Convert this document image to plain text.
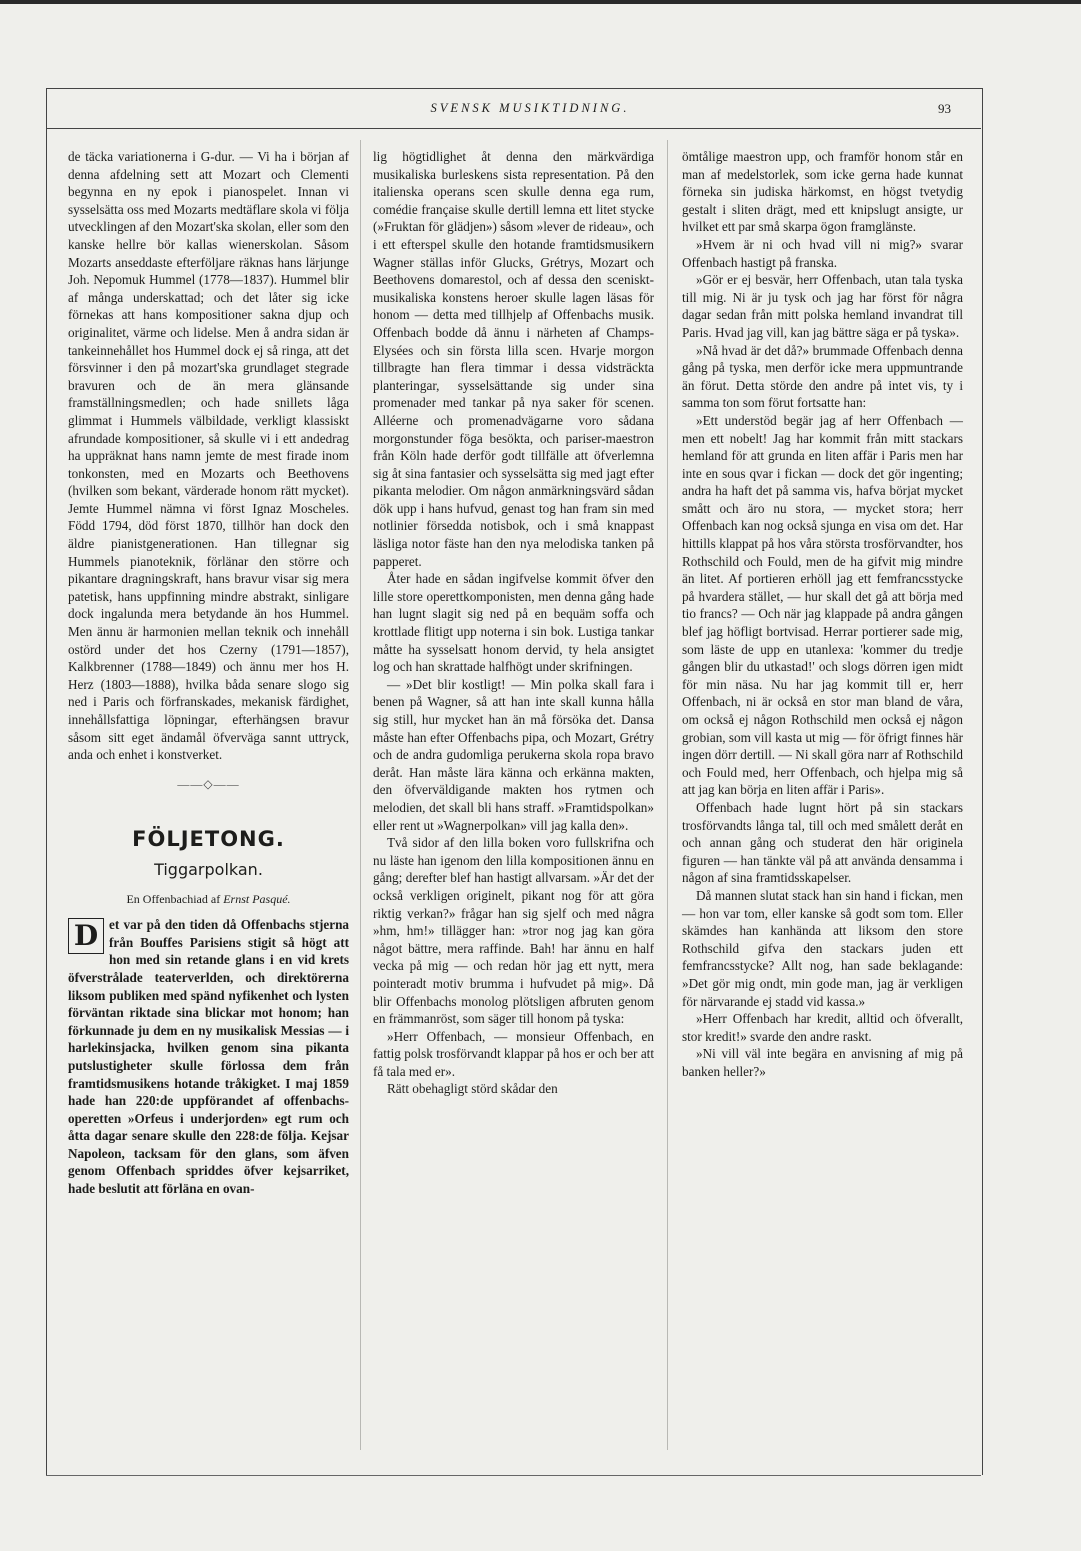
SVENSK MUSIKTIDNING.	93

de täcka variationerna i G-dur. — Vi ha i början af denna afdelning sett att Mozart och Clementi begynna en ny epok i pianospelet. Innan vi sysselsätta oss med Mozarts medtäflare skola vi följa utvecklingen af den Mozart'ska skolan, eller som den kanske hellre bör kallas wienerskolan. Såsom Mozarts anseddaste efterföljare räknas hans lärjunge Joh. Nepomuk Hummel (1778—1837). Hummel blir af många underskattad; och det låter sig icke förnekas att hans kompositioner sakna djup och originalitet, värme och lidelse. Men å andra sidan är tankeinnehållet hos Hummel dock ej så ringa, att det försvinner i den på mozart'ska grundlaget stegrade bravuren och de än mera glänsande framställningsmedlen; och hade snillets låga glimmat i Hummels välbildade, verkligt klassiskt afrundade kompositioner, så skulle vi i ett andedrag ha uppräknat hans namn jemte de mest firade inom tonkonsten, med en Mozarts och Beethovens (hvilken som bekant, värderade honom rätt mycket). Jemte Hummel nämna vi först Ignaz Moscheles. Född 1794, död först 1870, tillhör han dock den äldre pianistgenerationen. Han tillegnar sig Hummels pianoteknik, förlänar den större och pikantare dragningskraft, hans bravur visar sig mera patetisk, hans uppfinning mindre abstrakt, sinligare dock ingalunda mera betydande än hos Hummel. Men ännu är harmonien mellan teknik och innehåll ostörd under det hos Czerny (1791—1857), Kalkbrenner (1788—1849) och ännu mer hos H. Herz (1803—1888), hvilka båda senare slogo sig ned i Paris och förfranskades, mekanisk färdighet, innehållsfattiga löpningar, efterhängsen bravur såsom sitt eget ändamål öfverväga sannt uttryck, anda och enhet i konstverket.

——◇——
FÖLJETONG.
Tiggarpolkan.
En Offenbachiad af Ernst Pasqué.

D et var på den tiden då Offenbachs stjerna från Bouffes Parisiens stigit så högt att hon med sin retande glans i en vid krets öfverstrålade teaterverlden, och direktörerna liksom publiken med spänd nyfikenhet och lysten förväntan riktade sina blickar mot honom; han förkunnade ju dem en ny musikalisk Messias — i harlekinsjacka, hvilken genom sina pikanta putslustigheter skulle förlossa dem från framtidsmusikens hotande tråkigket. I maj 1859 hade han 220:de uppförandet af offenbachs-operetten »Orfeus i underjorden» egt rum och åtta dagar senare skulle den 228:de följa. Kejsar Napoleon, tacksam för den glans, som äfven genom Offenbach spriddes öfver kejsarriket, hade beslutit att förläna en ovan-

lig högtidlighet åt denna den märkvärdiga musikaliska burleskens sista representation. På den italienska operans scen skulle denna ega rum, comédie française skulle dertill lemna ett litet stycke (»Fruktan för glädjen») såsom »lever de rideau», och i ett efterspel skulle den hotande framtidsmusikern Wagner ställas inför Glucks, Grétrys, Mozart och Beethovens domarestol, och af dessa den sceniskt-musikaliska konstens heroer skulle lagen läsas för honom — detta med tillhjelp af Offenbachs musik. Offenbach bodde då ännu i närheten af Champs-Elysées och sin första lilla scen. Hvarje morgon tillbragte han flera timmar i dessa vidsträckta planteringar, sysselsättande sig under sina promenader med tankar på nya saker för scenen. Alléerne och promenadvägarne voro sådana morgonstunder föga besökta, och pariser-maestron från Köln hade derför godt tillfälle att öfverlemna sig åt sina fantasier och sysselsätta sig med jagt efter pikanta melodier. Om någon anmärkningsvärd sådan dök upp i hans hufvud, genast tog han fram sin med notlinier försedda notisbok, och i små knappast läsliga notor fäste han den nya melodiska tanken på papperet.

Åter hade en sådan ingifvelse kommit öfver den lille store operettkomponisten, men denna gång hade han lugnt slagit sig ned på en bequäm soffa och krottlade flitigt upp noterna i sin bok. Lustiga tankar måtte ha sysselsatt honom dervid, ty hela ansigtet log och han skrattade halfhögt under skrifningen.

— »Det blir kostligt! — Min polka skall fara i benen på Wagner, så att han inte skall kunna hålla sig still, hur mycket han än må försöka det. Dansa måste han efter Offenbachs pipa, och Mozart, Grétry och de andra gudomliga perukerna skola ropa bravo deråt. Han måste lära känna och erkänna makten, den öfverväldigande makten hos rytmen och melodien, det skall bli hans straff. »Framtidspolkan» eller rent ut »Wagnerpolkan» vill jag kalla den».

Två sidor af den lilla boken voro fullskrifna och nu läste han igenom den lilla kompositionen ännu en gång; derefter blef han hastigt allvarsam. »Är det der också verkligen originelt, pikant nog för att göra riktig verkan?» frågar han sig sjelf och med några »hm, hm!» tillägger han: »tror nog jag kan göra något bättre, mera raffinde. Bah! har ännu en half vecka på mig — och redan hör jag ett nytt, mera pointeradt motiv brumma i hufvudet på mig». Då blir Offenbachs monolog plötsligen afbruten genom en främmanröst, som säger till honom på tyska:

»Herr Offenbach, — monsieur Offenbach, en fattig polsk trosförvandt klappar på hos er och ber att få tala med er».

Rätt obehagligt störd skådar den

ömtålige maestron upp, och framför honom står en man af medelstorlek, som icke gerna hade kunnat förneka sin judiska härkomst, en högst tvetydig gestalt i sliten drägt, med ett knipslugt ansigte, ur hvilket ett par små skarpa ögon framglänste.

»Hvem är ni och hvad vill ni mig?» svarar Offenbach hastigt på franska.

»Gör er ej besvär, herr Offenbach, utan tala tyska till mig. Ni är ju tysk och jag har först för några dagar sedan från mitt polska hemland invandrat till Paris. Hvad jag vill, kan jag bättre säga er på tyska».

»Nå hvad är det då?» brummade Offenbach denna gång på tyska, men derför icke mera uppmuntrande än förut. Detta störde den andre på intet vis, ty i samma ton som förut fortsatte han:

»Ett understöd begär jag af herr Offenbach — men ett nobelt! Jag har kommit från mitt stackars hemland för att grunda en liten affär i Paris men har inte en sous qvar i fickan — dock det gör ingenting; andra ha haft det på samma vis, hafva börjat mycket smått och äro nu stora, — mycket stora; herr Offenbach kan nog också sjunga en visa om det. Har hittills klappat på hos våra största trosförvandter, hos Rothschild och Fould, men de ha gifvit mig mindre än litet. Af portieren erhöll jag ett femfrancsstycke på hvardera stället, — hur skall det gå att börja med tio francs? — Och när jag klappade på andra gången blef jag höfligt bortvisad. Herrar portierer sade mig, som läste de upp en utanlexa: 'kommer du tredje gången blir du utkastad!' och slogs dörren igen midt för min näsa. Nu har jag kommit till er, herr Offenbach, ni är också en stor man bland de våra, om också ej någon Rothschild men också ej någon grobian, som vill kasta ut mig — för öfrigt finnes här ingen dörr dertill. — Ni skall göra narr af Rothschild och Fould med, herr Offenbach, och hjelpa mig så att jag kan börja en liten affär i Paris».

Offenbach hade lugnt hört på sin stackars trosförvandts långa tal, till och med smålett deråt en och annan gång och studerat den här originela figuren — han tänkte väl på att använda densamma i någon af sina framtidsskapelser.

Då mannen slutat stack han sin hand i fickan, men — hon var tom, eller kanske så godt som tom. Eller skämdes han kanhända att liksom den store Rothschild gifva den stackars juden ett femfrancsstycke? Allt nog, han sade beklagande: »Det gör mig ondt, min gode man, jag är verkligen för närvarande ej stadd vid kassa.»

»Herr Offenbach har kredit, alltid och öfverallt, stor kredit!» svarde den andre raskt.

»Ni vill väl inte begära en anvisning af mig på banken heller?»
